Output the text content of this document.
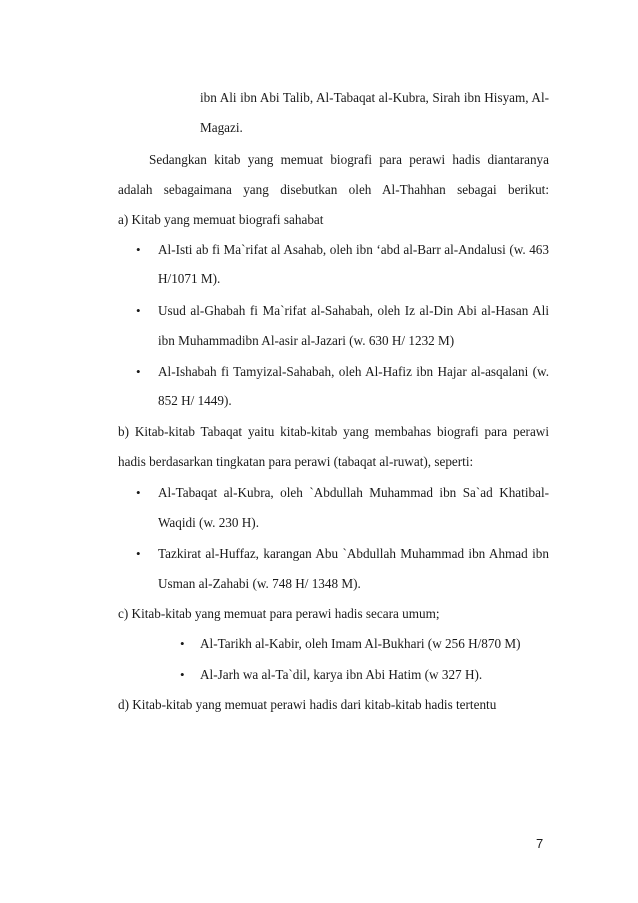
ibn Ali ibn Abi Talib, Al-Tabaqat al-Kubra, Sirah ibn Hisyam, Al-
Magazi.
Sedangkan kitab yang memuat biografi para perawi hadis diantaranya
adalah sebagaimana yang disebutkan oleh Al-Thahhan sebagai berikut:
a) Kitab yang memuat biografi sahabat
• Al-Isti ab fi Ma`rifat al Asahab, oleh ibn ‘abd al-Barr al-Andalusi (w. 463
H/1071 M).
• Usud al-Ghabah fi Ma`rifat al-Sahabah, oleh Iz al-Din Abi al-Hasan Ali
ibn Muhammadibn Al-asir al-Jazari (w. 630 H/ 1232 M)
• Al-Ishabah fi Tamyizal-Sahabah, oleh Al-Hafiz ibn Hajar al-asqalani (w.
852 H/ 1449).
b) Kitab-kitab Tabaqat yaitu kitab-kitab yang membahas biografi para perawi
hadis berdasarkan tingkatan para perawi (tabaqat al-ruwat), seperti:
• Al-Tabaqat al-Kubra, oleh `Abdullah Muhammad ibn Sa`ad Khatibal-
Waqidi (w. 230 H).
• Tazkirat al-Huffaz, karangan Abu `Abdullah Muhammad ibn Ahmad ibn
Usman al-Zahabi (w. 748 H/ 1348 M).
c) Kitab-kitab yang memuat para perawi hadis secara umum;
• Al-Tarikh al-Kabir, oleh Imam Al-Bukhari (w 256 H/870 M)
• Al-Jarh wa al-Ta`dil, karya ibn Abi Hatim (w 327 H).
d) Kitab-kitab yang memuat perawi hadis dari kitab-kitab hadis tertentu
7
